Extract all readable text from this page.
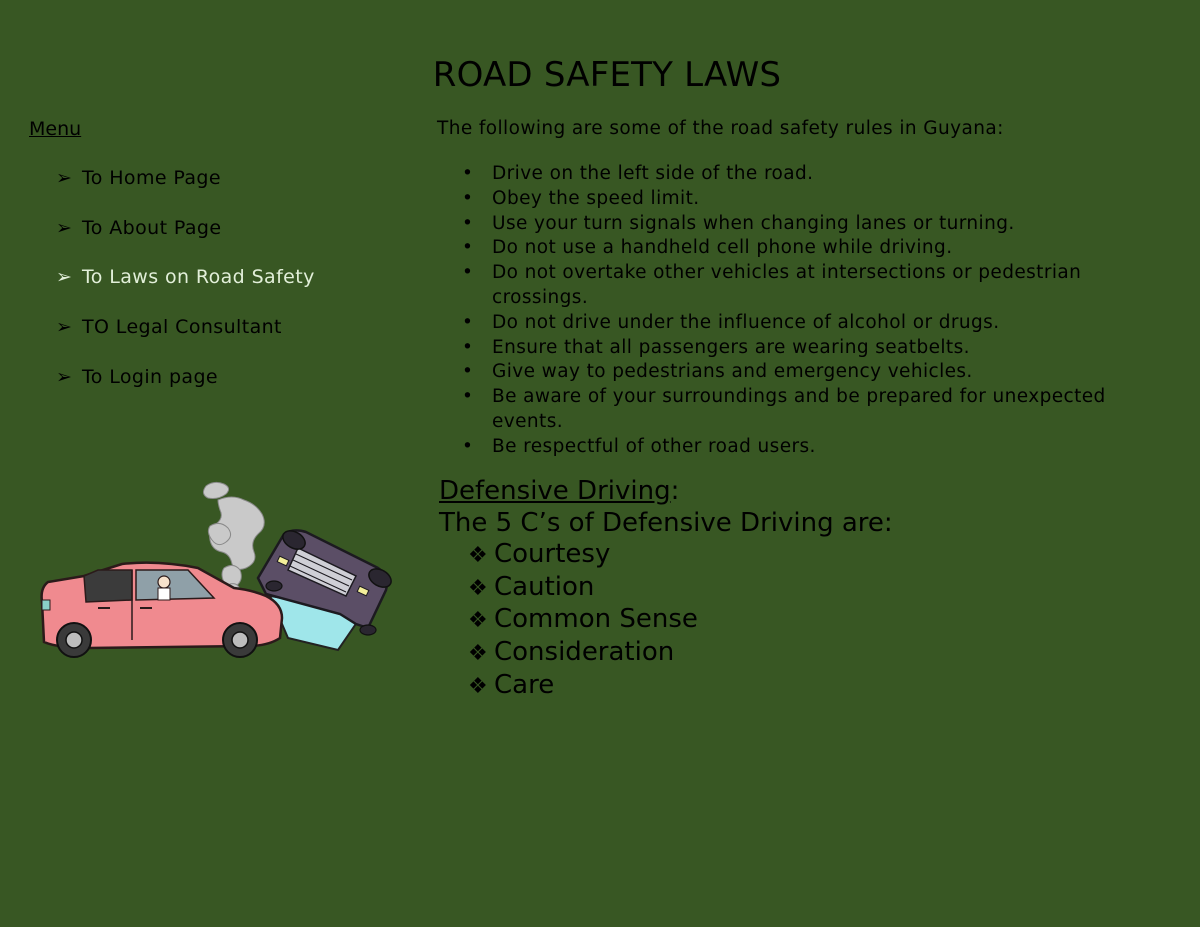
ROAD SAFETY LAWS
Menu
➢ To Home Page
➢ To About Page
➢ To Laws on Road Safety
➢ TO Legal Consultant
➢ To Login page
The following are some of the road safety rules in Guyana:
• Drive on the left side of the road.
• Obey the speed limit.
• Use your turn signals when changing lanes or turning.
• Do not use a handheld cell phone while driving.
• Do not overtake other vehicles at intersections or pedestrian crossings.
• Do not drive under the influence of alcohol or drugs.
• Ensure that all passengers are wearing seatbelts.
• Give way to pedestrians and emergency vehicles.
• Be aware of your surroundings and be prepared for unexpected events.
• Be respectful of other road users.
Defensive Driving:
The 5 C’s of Defensive Driving are:
❖ Courtesy
❖ Caution
❖ Common Sense
❖ Consideration
❖ Care
